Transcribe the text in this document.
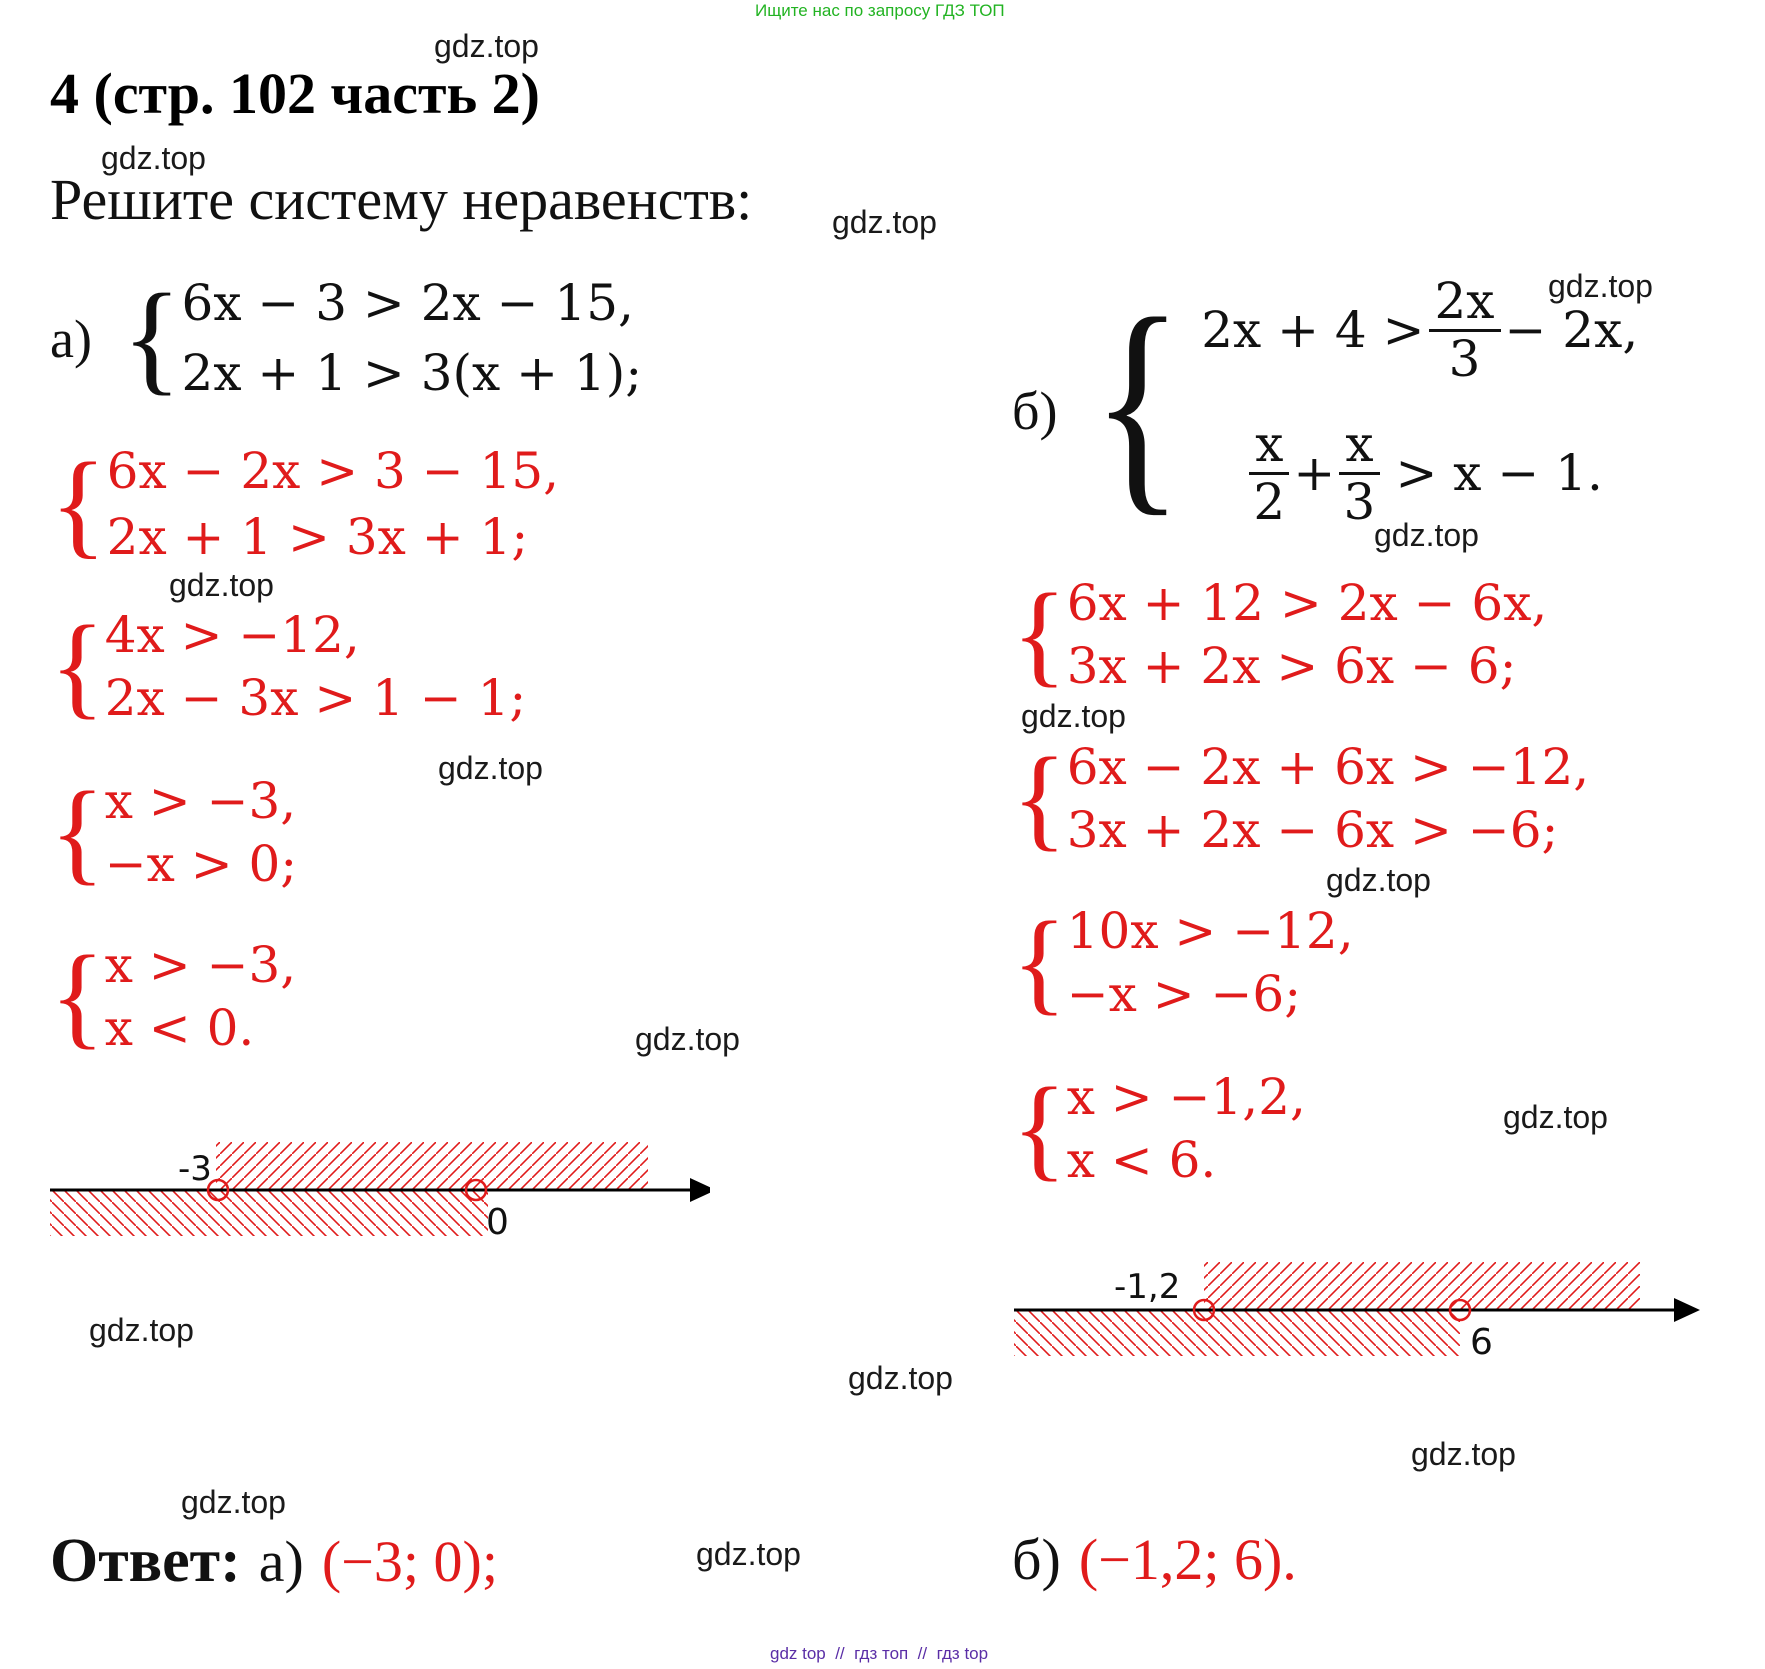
Ищите нас по запросу ГДЗ ТОП
gdz.top
gdz.top
gdz.top
gdz.top
gdz.top
gdz.top
gdz.top
gdz.top
gdz.top
gdz.top
gdz.top
gdz.top
gdz.top
gdz.top
gdz.top
gdz.top
4 (стр. 102 часть 2)
Решите систему неравенств:
а) { 6x − 3 > 2x − 15,
2x + 1 > 3(x + 1);
{ 6x − 2x > 3 − 15,
2x + 1 > 3x + 1;
{ 4x > −12,
2x − 3x > 1 − 1;
{ x > −3,
−x > 0;
{ x > −3,
x < 0.
-3
0
б) { $2x + 4 > \frac{2x}{3} - 2x$,
$\frac{x}{2} + \frac{x}{3} > x - 1$.
{ 6x + 12 > 2x − 6x,
3x + 2x > 6x − 6;
{ 6x − 2x + 6x > −12,
3x + 2x − 6x > −6;
{ 10x > −12,
−x > −6;
{ x > −1,2,
x < 6.
-1,2
6
Ответ: а) (−3; 0);	б) (−1,2; 6).
gdz top  //  гдз топ  //  гдз top
